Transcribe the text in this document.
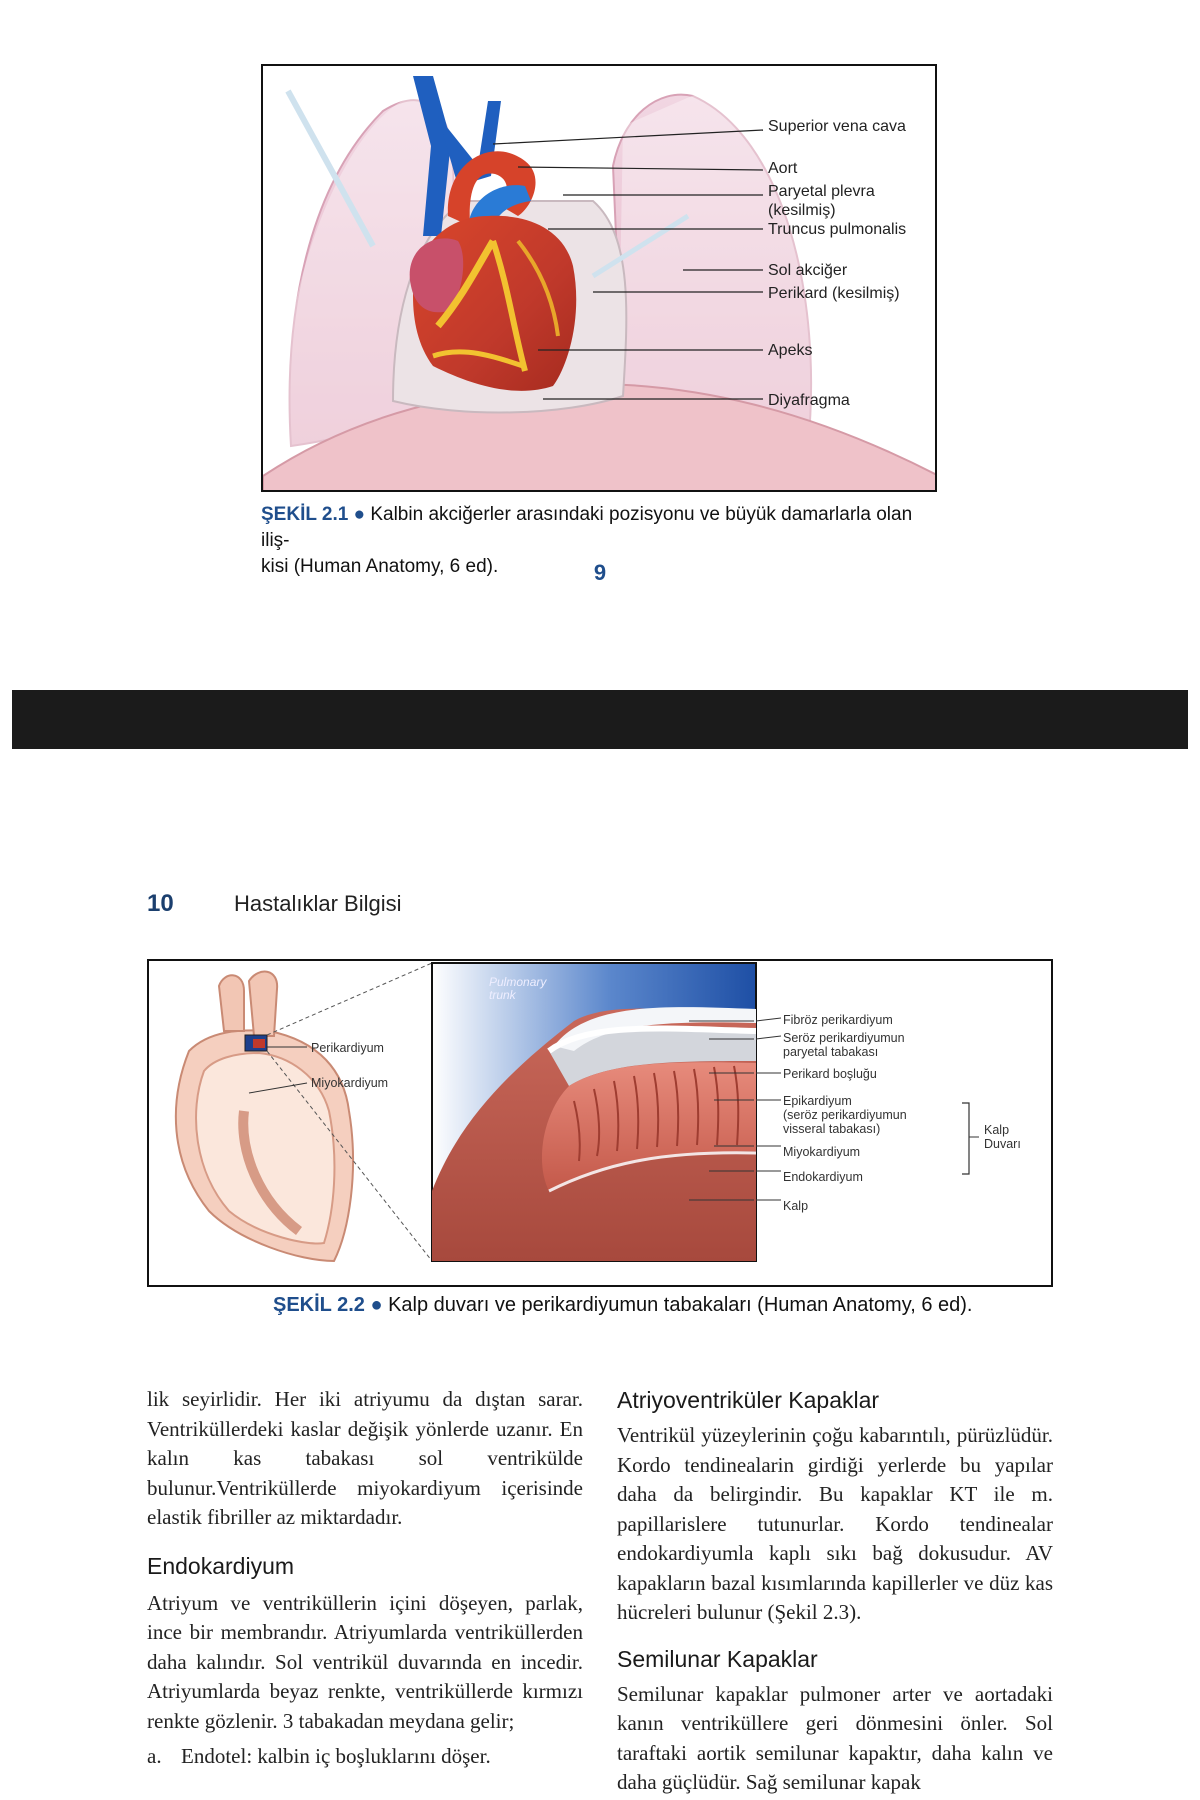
Superior vena cava
Aort
Paryetal plevra
(kesilmiş)
Truncus pulmonalis
Sol akciğer
Perikard (kesilmiş)
Apeks
Diyafragma
ŞEKİL 2.1 ● Kalbin akciğerler arasındaki pozisyonu ve büyük damarlarla olan iliş-
kisi (Human Anatomy, 6 ed).	9
10	Hastalıklar Bilgisi
Perikardiyum
Miyokardiyum
Pulmonary
trunk
Fibröz perikardiyum
Seröz perikardiyumun
paryetal tabakası
Perikard boşluğu
Epikardiyum
(seröz perikardiyumun
visseral tabakası)
Miyokardiyum
Endokardiyum
Kalp
Kalp
Duvarı
ŞEKİL 2.2 ● Kalp duvarı ve perikardiyumun tabakaları (Human Anatomy, 6 ed).

lik seyirlidir. Her iki atriyumu da dıştan sarar. Ventriküllerdeki kaslar değişik yönlerde uzanır. En kalın kas tabakası sol ventrikülde bulunur.Ventriküllerde miyokardiyum içerisinde elastik fibriller az miktardadır.

Endokardiyum

Atriyum ve ventriküllerin içini döşeyen, parlak, ince bir membrandır. Atriyumlarda ventriküllerden daha kalındır. Sol ventrikül duvarında en incedir. Atriyumlarda beyaz renkte, ventriküllerde kırmızı renkte gözlenir. 3 tabakadan meydana gelir;

a. Endotel: kalbin iç boşluklarını döşer.
Atriyoventriküler Kapaklar

Ventrikül yüzeylerinin çoğu kabarıntılı, pürüzlüdür. Kordo tendinealarin girdiği yerlerde bu yapılar daha da belirgindir. Bu kapaklar KT ile m. papillarislere tutunurlar. Kordo tendinealar endokardiyumla kaplı sıkı bağ dokusudur. AV kapakların bazal kısımlarında kapillerler ve düz kas hücreleri bulunur (Şekil 2.3).

Semilunar Kapaklar

Semilunar kapaklar pulmoner arter ve aortadaki kanın ventriküllere geri dönmesini önler. Sol taraftaki aortik semilunar kapaktır, daha kalın ve daha güçlüdür. Sağ semilunar kapak
